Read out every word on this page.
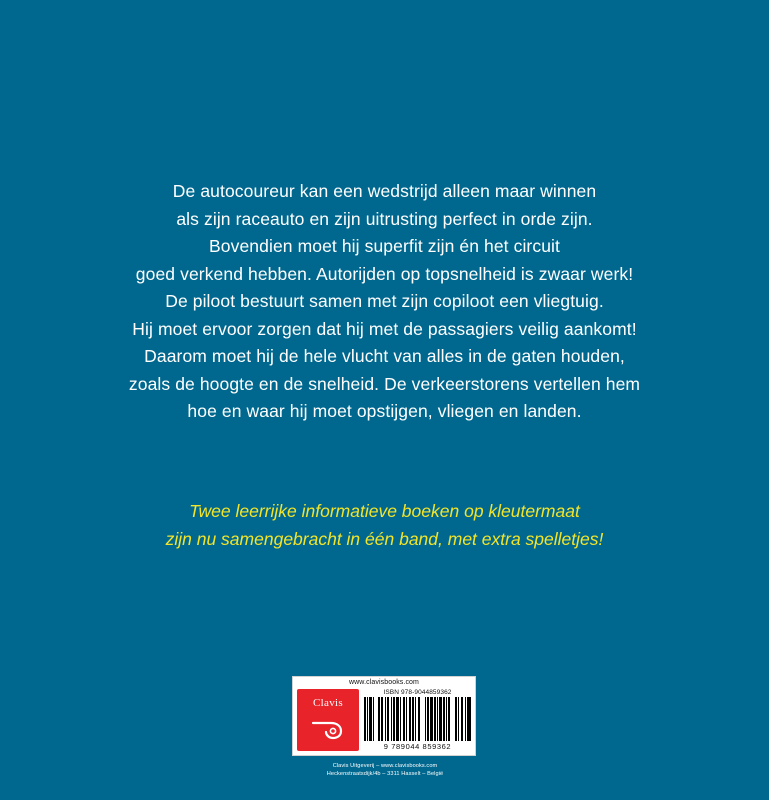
De autocoureur kan een wedstrijd alleen maar winnen

als zijn raceauto en zijn uitrusting perfect in orde zijn.

Bovendien moet hij superfit zijn én het circuit

goed verkend hebben. Autorijden op topsnelheid is zwaar werk!

De piloot bestuurt samen met zijn copiloot een vliegtuig.

Hij moet ervoor zorgen dat hij met de passagiers veilig aankomt!

Daarom moet hij de hele vlucht van alles in de gaten houden,

zoals de hoogte en de snelheid. De verkeerstorens vertellen hem

hoe en waar hij moet opstijgen, vliegen en landen.

Twee leerrijke informatieve boeken op kleutermaat

zijn nu samengebracht in één band, met extra spelletjes!

www.clavisbooks.com
Clavis
ISBN 978-9044859362
9 789044 859362
Clavis Uitgeverij – www.clavisbooks.com
Heckenstraatsdijk/4b – 3311 Hasselt – België
